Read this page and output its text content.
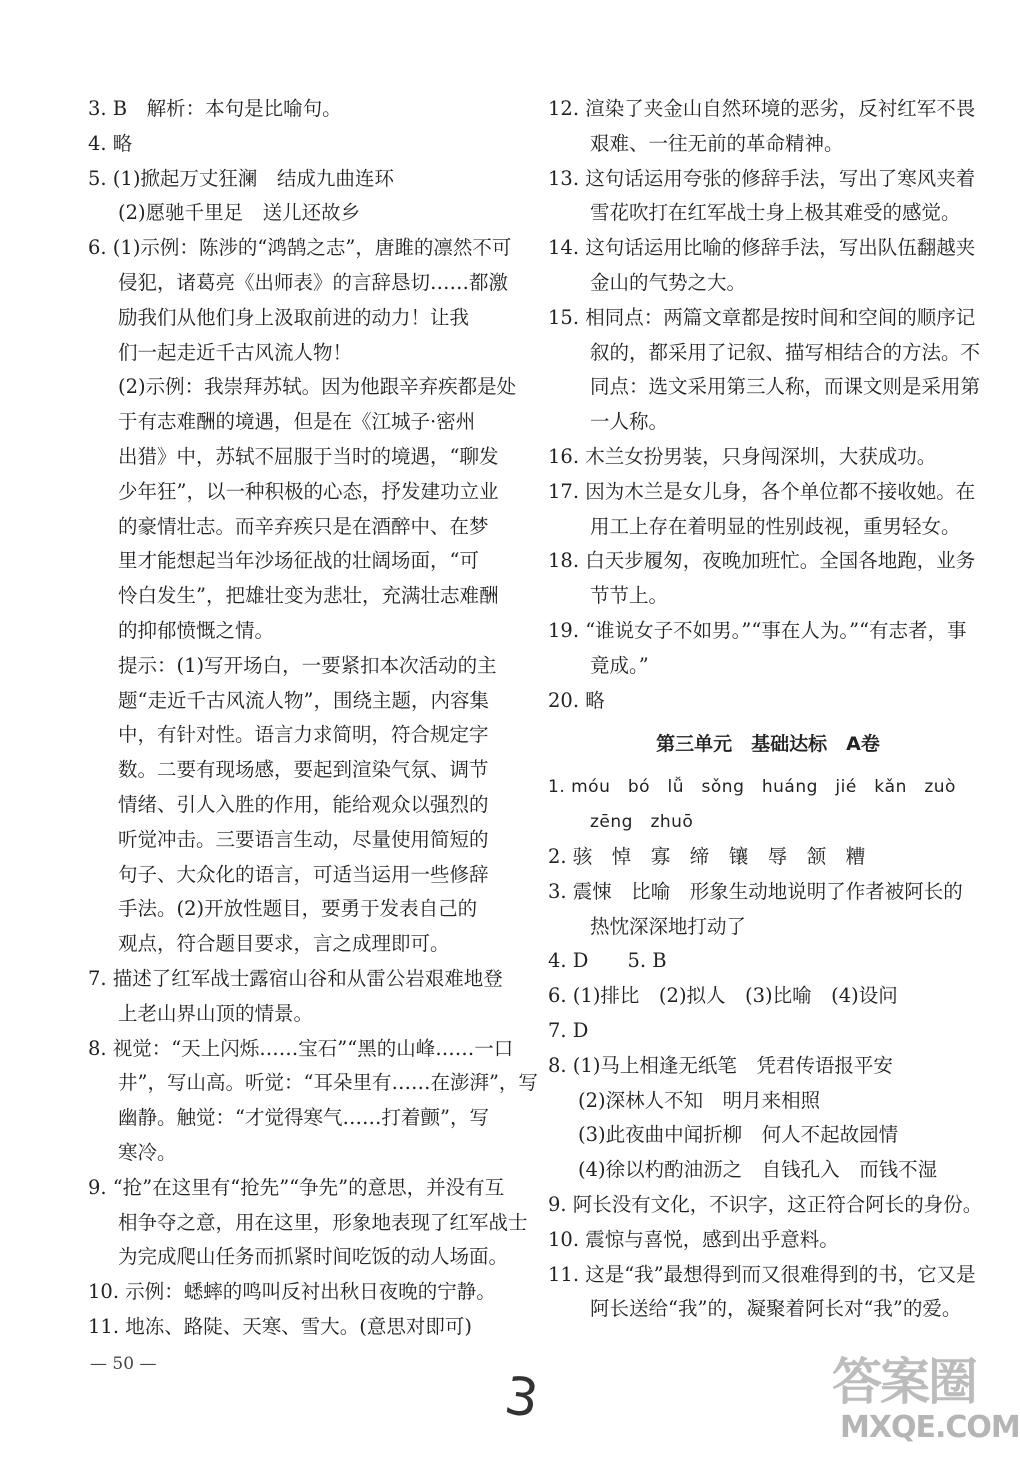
3. B　解析：本句是比喻句。
4. 略
5. (1)掀起万丈狂澜　结成九曲连环
(2)愿驰千里足　送儿还故乡
6. (1)示例：陈涉的“鸿鹄之志”，唐雎的凛然不可
侵犯，诸葛亮《出师表》的言辞恳切……都激
励我们从他们身上汲取前进的动力！让我
们一起走近千古风流人物！
(2)示例：我崇拜苏轼。因为他跟辛弃疾都是处
于有志难酬的境遇，但是在《江城子·密州
出猎》中，苏轼不屈服于当时的境遇，“聊发
少年狂”，以一种积极的心态，抒发建功立业
的豪情壮志。而辛弃疾只是在酒醉中、在梦
里才能想起当年沙场征战的壮阔场面，“可
怜白发生”，把雄壮变为悲壮，充满壮志难酬
的抑郁愤慨之情。
提示：(1)写开场白，一要紧扣本次活动的主
题“走近千古风流人物”，围绕主题，内容集
中，有针对性。语言力求简明，符合规定字
数。二要有现场感，要起到渲染气氛、调节
情绪、引人入胜的作用，能给观众以强烈的
听觉冲击。三要语言生动，尽量使用简短的
句子、大众化的语言，可适当运用一些修辞
手法。(2)开放性题目，要勇于发表自己的
观点，符合题目要求，言之成理即可。
7. 描述了红军战士露宿山谷和从雷公岩艰难地登
上老山界山顶的情景。
8. 视觉：“天上闪烁……宝石”“黑的山峰……一口
井”，写山高。听觉：“耳朵里有……在澎湃”，写
幽静。触觉：“才觉得寒气……打着颤”，写
寒冷。
9. “抢”在这里有“抢先”“争先”的意思，并没有互
相争夺之意，用在这里，形象地表现了红军战士
为完成爬山任务而抓紧时间吃饭的动人场面。
10. 示例：蟋蟀的鸣叫反衬出秋日夜晚的宁静。
11. 地冻、路陡、天寒、雪大。(意思对即可)
12. 渲染了夹金山自然环境的恶劣，反衬红军不畏
艰难、一往无前的革命精神。
13. 这句话运用夸张的修辞手法，写出了寒风夹着
雪花吹打在红军战士身上极其难受的感觉。
14. 这句话运用比喻的修辞手法，写出队伍翻越夹
金山的气势之大。
15. 相同点：两篇文章都是按时间和空间的顺序记
叙的，都采用了记叙、描写相结合的方法。不
同点：选文采用第三人称，而课文则是采用第
一人称。
16. 木兰女扮男装，只身闯深圳，大获成功。
17. 因为木兰是女儿身，各个单位都不接收她。在
用工上存在着明显的性别歧视，重男轻女。
18. 白天步履匆，夜晚加班忙。全国各地跑，业务
节节上。
19. “谁说女子不如男。”“事在人为。”“有志者，事
竟成。”
20. 略
第三单元　基础达标　A卷
1. móu　bó　lǚ　sǒng　huáng　jié　kǎn　zuò
zēng　zhuō
2. 骇　悼　寡　缔　镶　辱　颔　糟
3. 震悚　比喻　形象生动地说明了作者被阿长的
热忱深深地打动了
4. D　　5. B
6. (1)排比　(2)拟人　(3)比喻　(4)设问
7. D
8. (1)马上相逢无纸笔　凭君传语报平安
(2)深林人不知　明月来相照
(3)此夜曲中闻折柳　何人不起故园情
(4)徐以杓酌油沥之　自钱孔入　而钱不湿
9. 阿长没有文化，不识字，这正符合阿长的身份。
10. 震惊与喜悦，感到出乎意料。
11. 这是“我”最想得到而又很难得到的书，它又是
阿长送给“我”的，凝聚着阿长对“我”的爱。
— 50 —
3	答案圈
MXQE.COM
